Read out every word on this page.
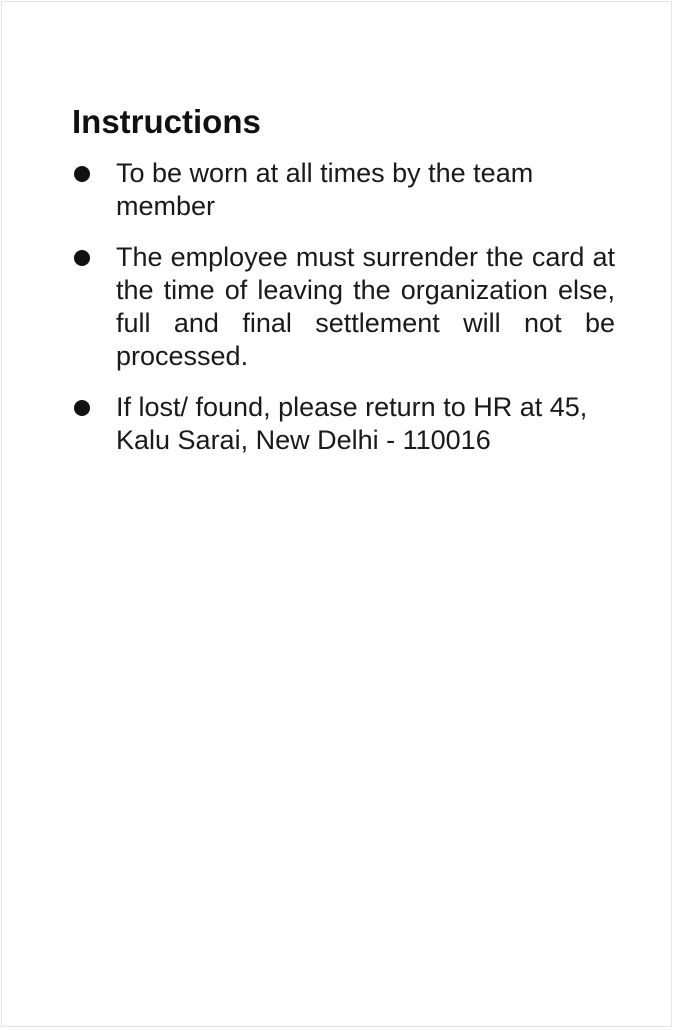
Instructions
To be worn at all times by the team member
The employee must surrender the card at the time of leaving the organization else, full and final settlement will not be processed.
If lost/ found, please return to HR at 45, Kalu Sarai, New Delhi - 110016
